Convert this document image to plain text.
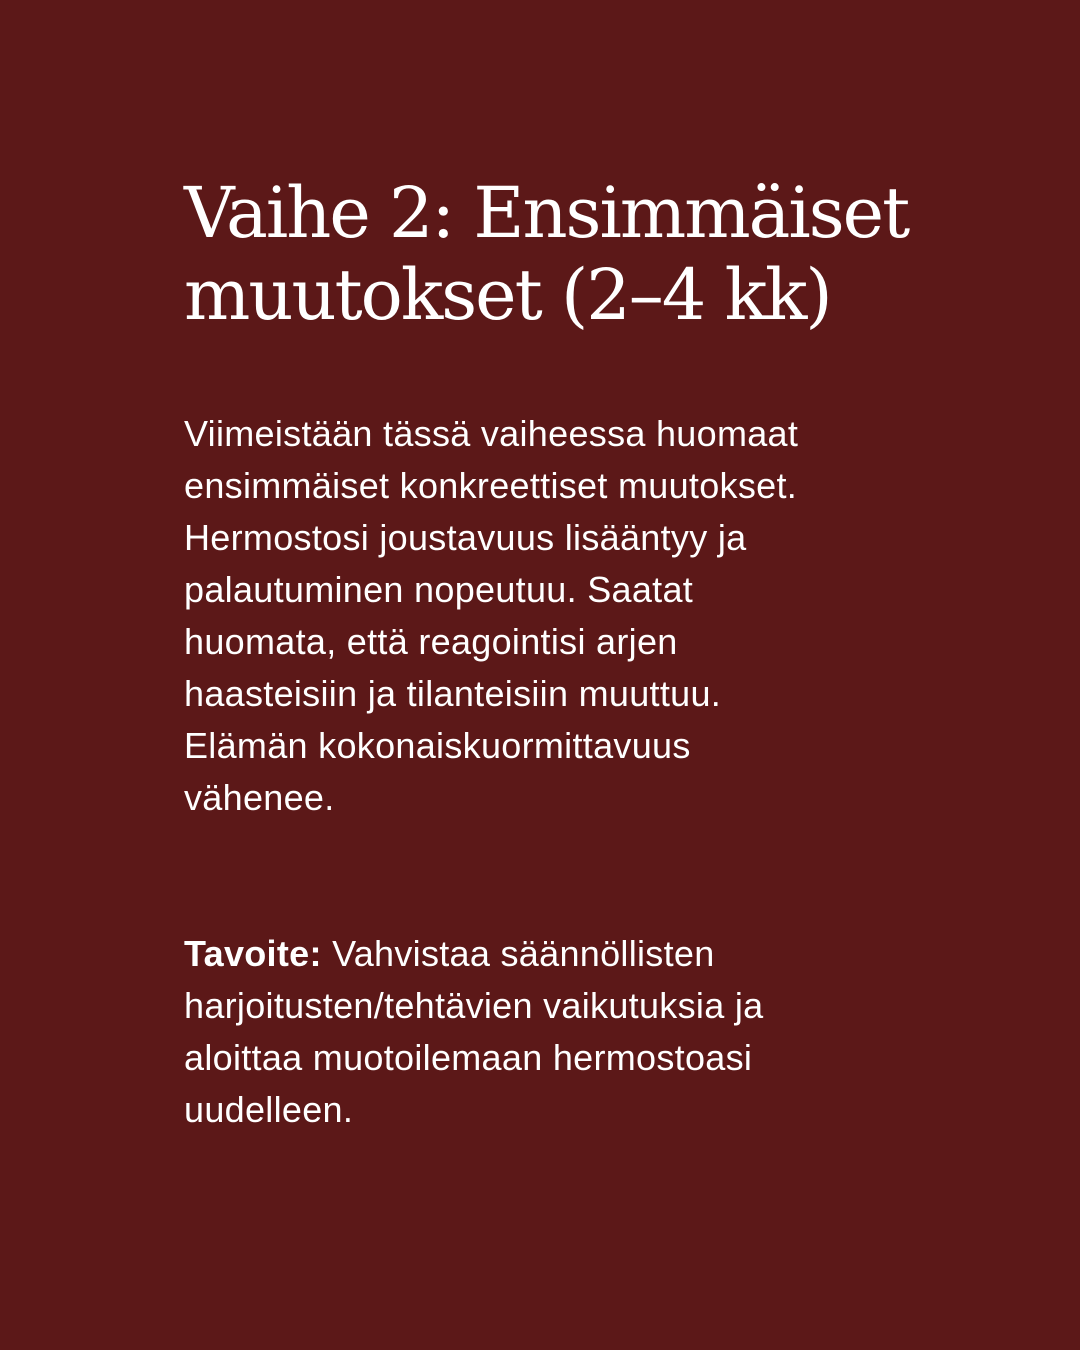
Vaihe 2: Ensimmäiset
muutokset (2–4 kk)

Viimeistään tässä vaiheessa huomaat
ensimmäiset konkreettiset muutokset.
Hermostosi joustavuus lisääntyy ja
palautuminen nopeutuu. Saatat
huomata, että reagointisi arjen
haasteisiin ja tilanteisiin muuttuu.
Elämän kokonaiskuormittavuus
vähenee.

Tavoite: Vahvistaa säännöllisten
harjoitusten/tehtävien vaikutuksia ja
aloittaa muotoilemaan hermostoasi
uudelleen.
